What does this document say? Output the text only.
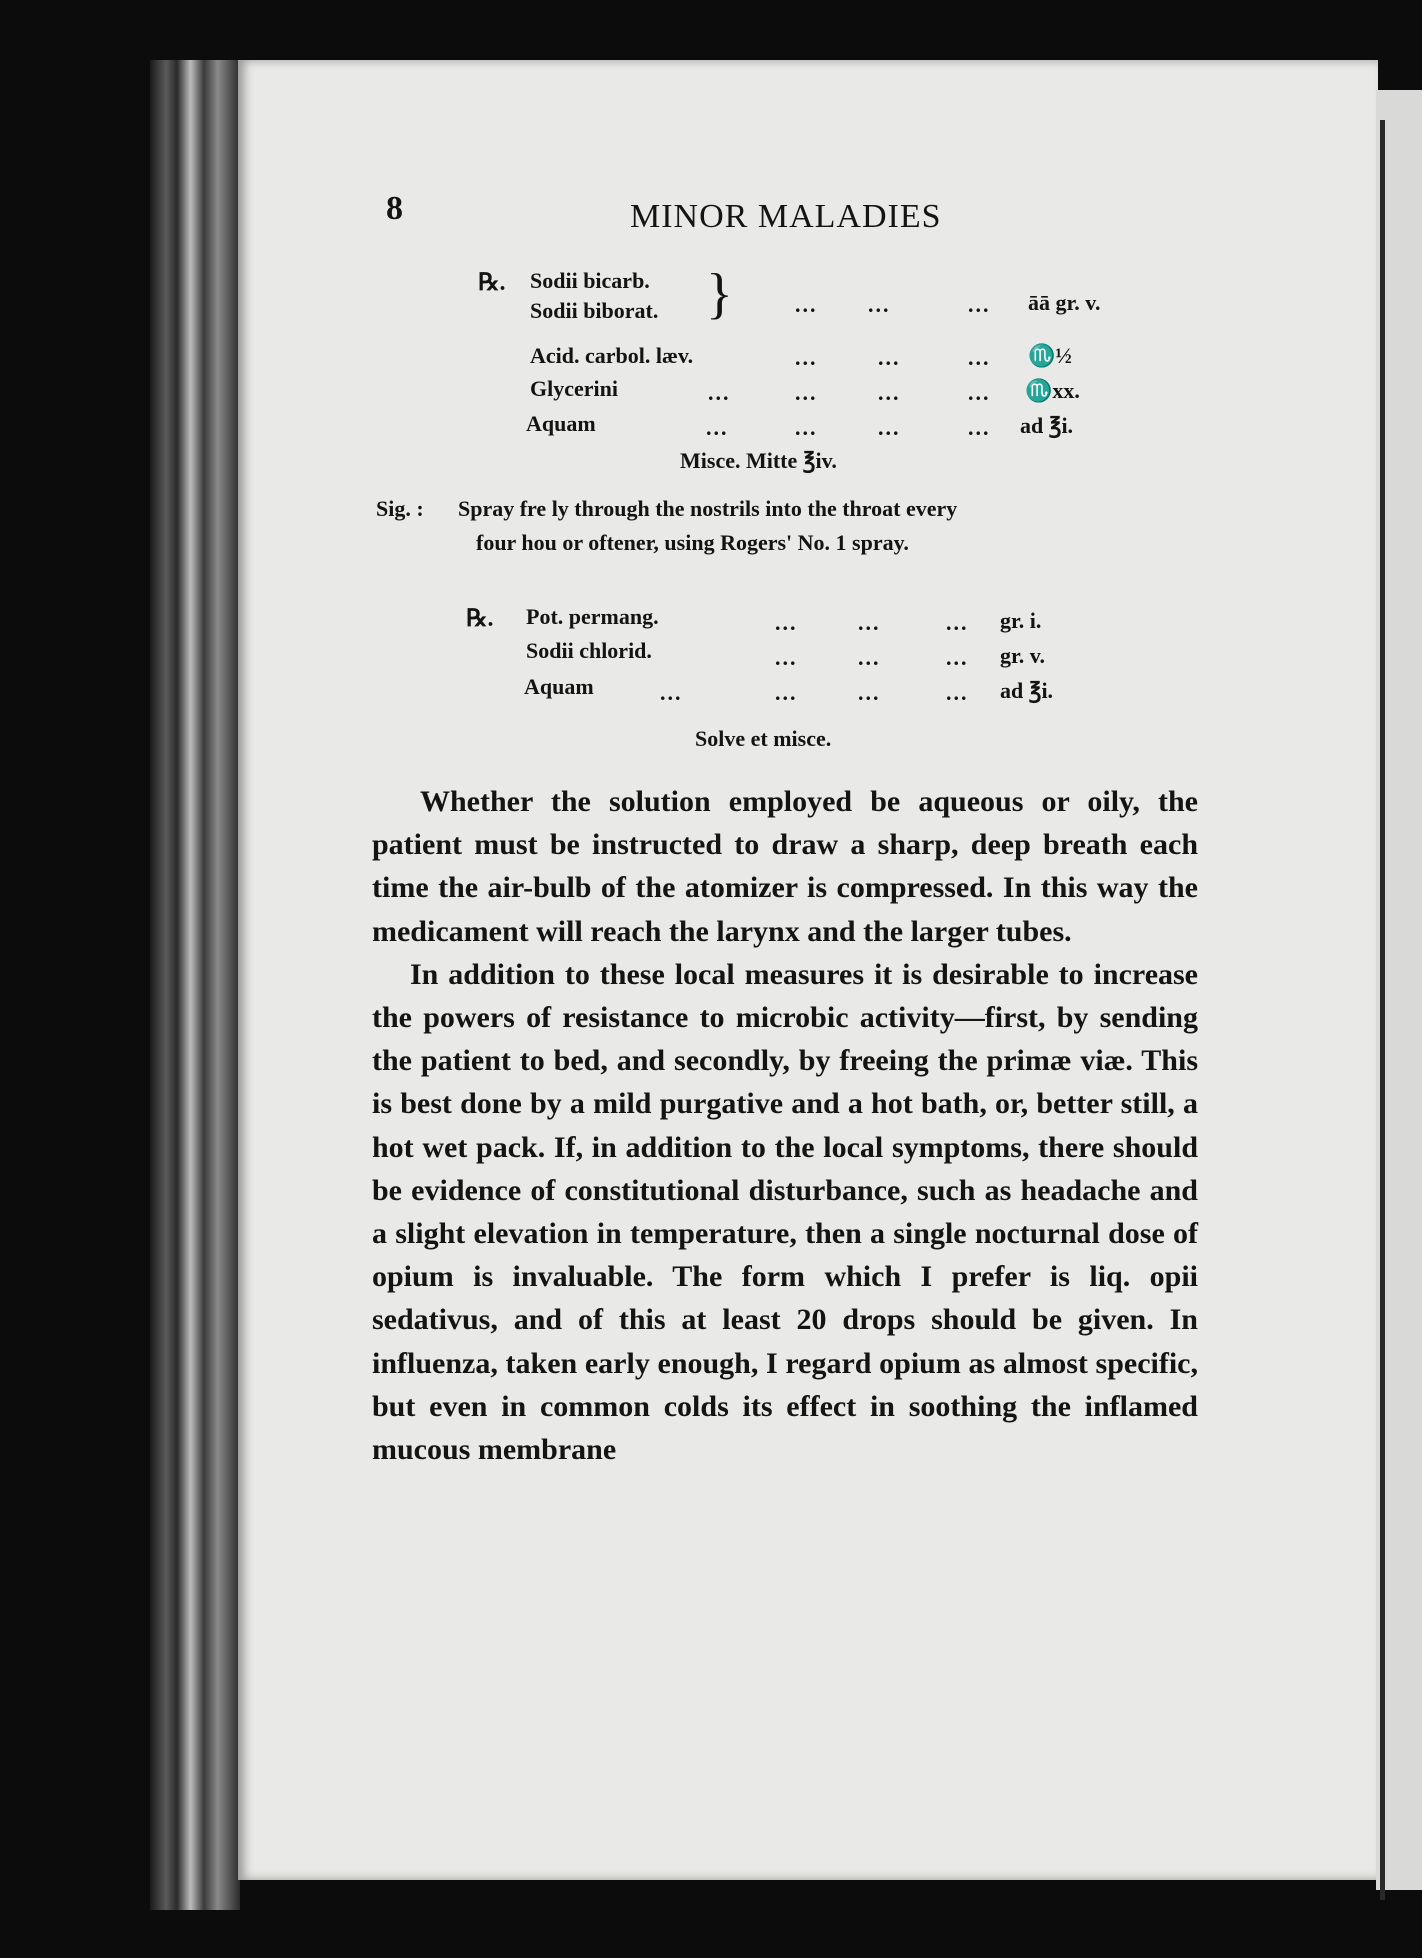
8	MINOR MALADIES
℞. Sodii bicarb.
Sodii biborat. }	... ...	... āā gr. v.
Acid. carbol. læv.	...	...	... ♏½
Glycerini	...	...	...	... ♏xx.
Aquam	...	...	...	... ad ℥i.
Misce. Mitte ℥iv.
Sig. : Spray fre ly through the nostrils into the throat every
four hou or oftener, using Rogers' No. 1 spray.
℞. Pot. permang.	...	...	... gr. i.
Sodii chlorid.	...	...	... gr. v.
Aquam	...	...	...	... ad ℥i.
Solve et misce.

Whether the solution employed be aqueous or oily, the patient must be instructed to draw a sharp, deep breath each time the air-bulb of the atomizer is compressed. In this way the medicament will reach the larynx and the larger tubes.

In addition to these local measures it is desirable to increase the powers of resistance to microbic activity—first, by sending the patient to bed, and secondly, by freeing the primæ viæ. This is best done by a mild purgative and a hot bath, or, better still, a hot wet pack. If, in addition to the local symptoms, there should be evidence of constitutional disturbance, such as headache and a slight elevation in temperature, then a single nocturnal dose of opium is invaluable. The form which I prefer is liq. opii sedativus, and of this at least 20 drops should be given. In influenza, taken early enough, I regard opium as almost specific, but even in common colds its effect in soothing the inflamed mucous membrane
